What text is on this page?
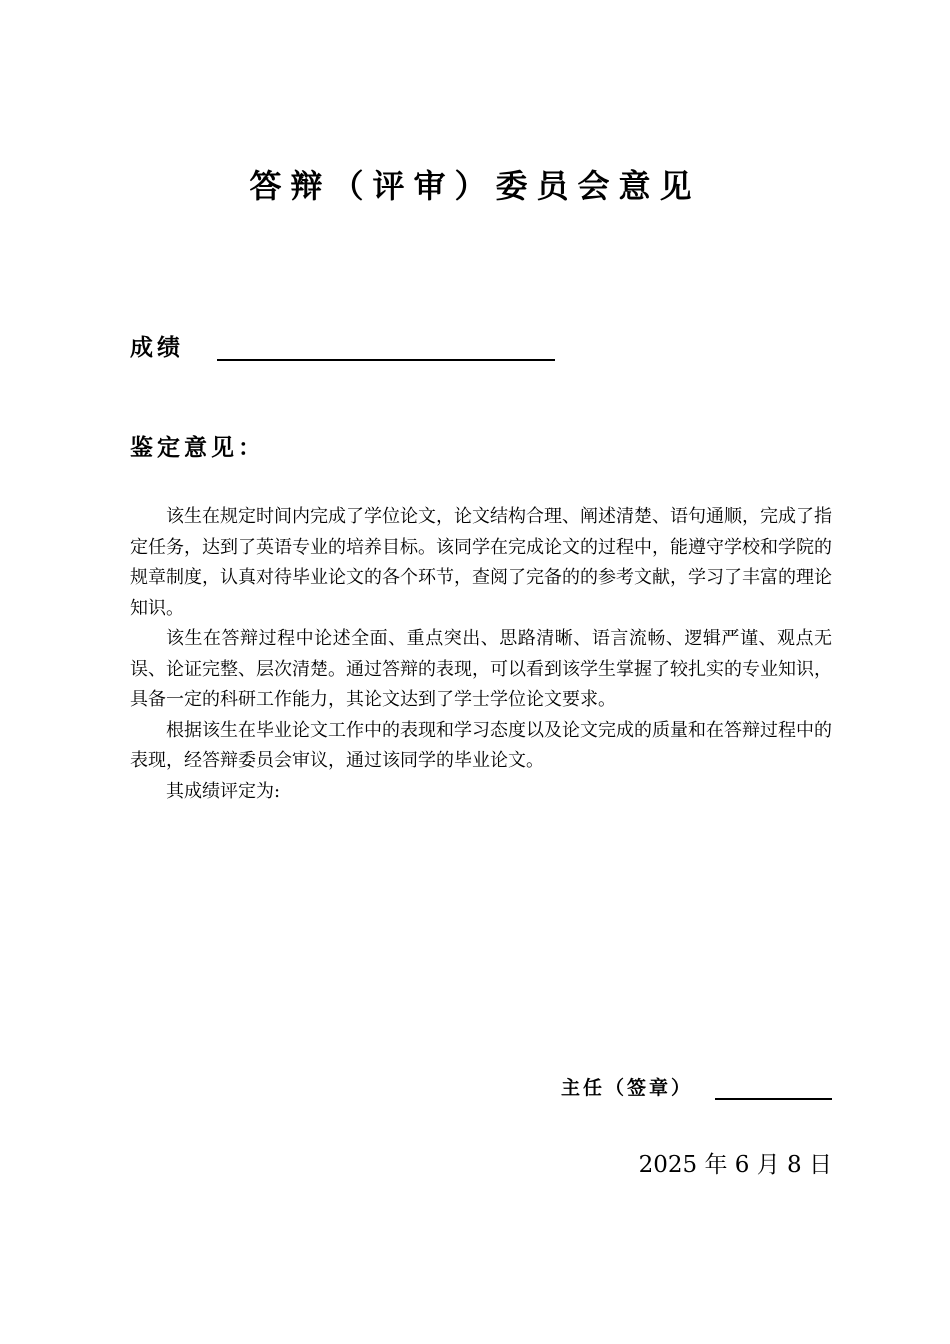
答辩（评审）委员会意见
成绩
鉴定意见：

该生在规定时间内完成了学位论文，论文结构合理、阐述清楚、语句通顺，完成了指定任务，达到了英语专业的培养目标。该同学在完成论文的过程中，能遵守学校和学院的规章制度，认真对待毕业论文的各个环节，查阅了完备的的参考文献，学习了丰富的理论知识。

该生在答辩过程中论述全面、重点突出、思路清晰、语言流畅、逻辑严谨、观点无误、论证完整、层次清楚。通过答辩的表现，可以看到该学生掌握了较扎实的专业知识，具备一定的科研工作能力，其论文达到了学士学位论文要求。

根据该生在毕业论文工作中的表现和学习态度以及论文完成的质量和在答辩过程中的表现，经答辩委员会审议，通过该同学的毕业论文。

其成绩评定为:

主任（签章）
2025 年 6 月 8 日
